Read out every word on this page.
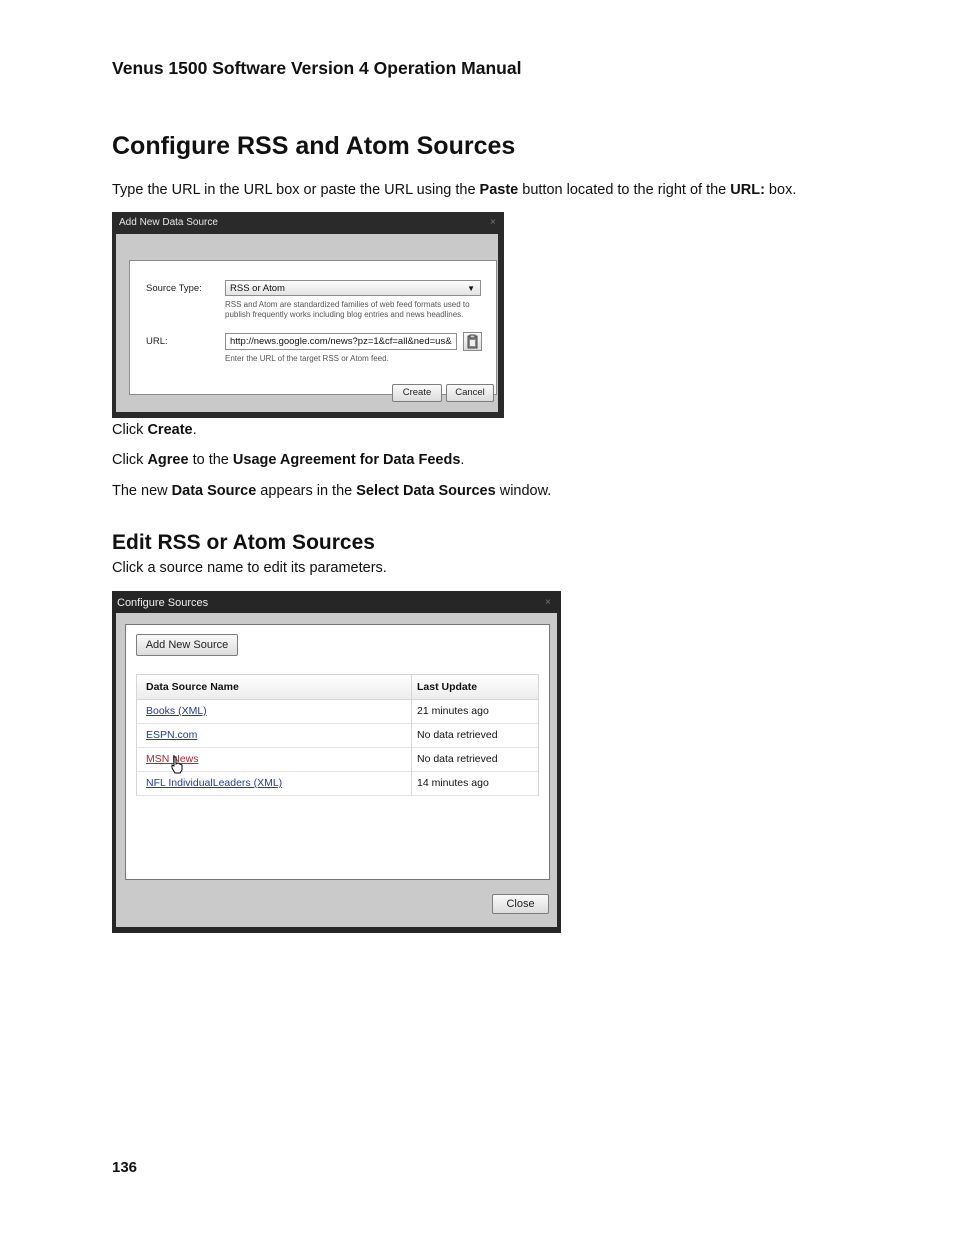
Venus 1500 Software Version 4 Operation Manual
Configure RSS and Atom Sources

Type the URL in the URL box or paste the URL using the Paste button located to the right of the URL: box.

Add New Data Source	×
Source Type:	RSS or Atom	▼
RSS and Atom are standardized families of web feed formats used to
publish frequently works including blog entries and news headlines.
URL:	http://news.google.com/news?pz=1&cf=all&ned=us&
Enter the URL of the target RSS or Atom feed.
Create	Cancel

Click Create.

Click Agree to the Usage Agreement for Data Feeds.

The new Data Source appears in the Select Data Sources window.

Edit RSS or Atom Sources

Click a source name to edit its parameters.

Configure Sources	×
Add New Source
Data Source Name	Last Update
Books (XML)	21 minutes ago
ESPN.com	No data retrieved
MSN News	No data retrieved
NFL IndividualLeaders (XML)	14 minutes ago
Close
136
